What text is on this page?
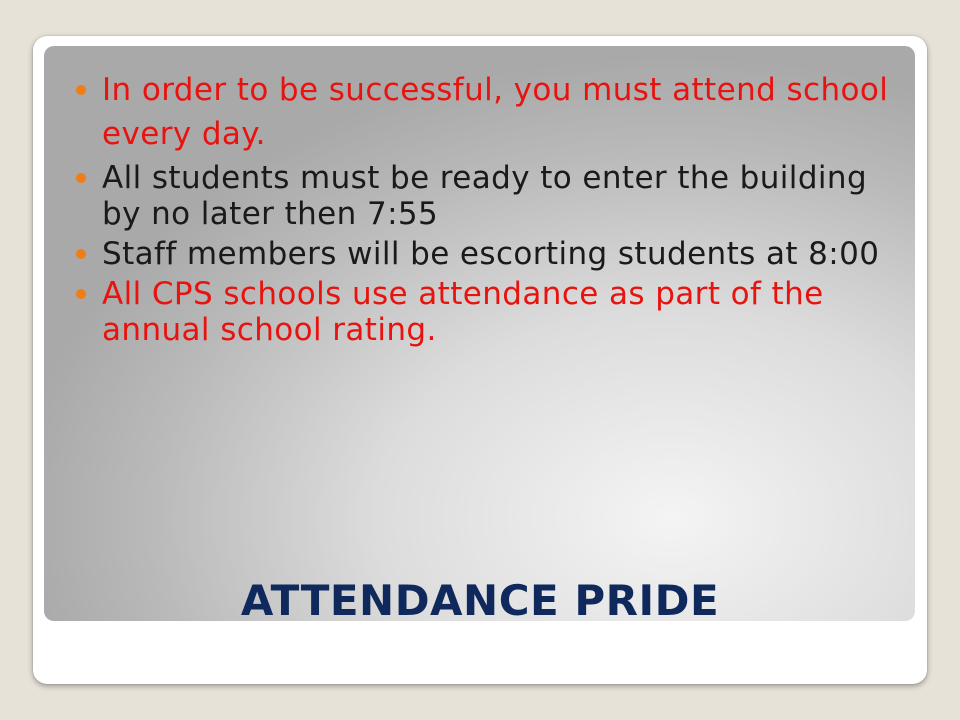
In order to be successful, you must attend school every day.
All students must be ready to enter the building by no later then 7:55
Staff members will be escorting students at 8:00
All CPS schools use attendance as part of the annual school rating.
ATTENDANCE PRIDE
